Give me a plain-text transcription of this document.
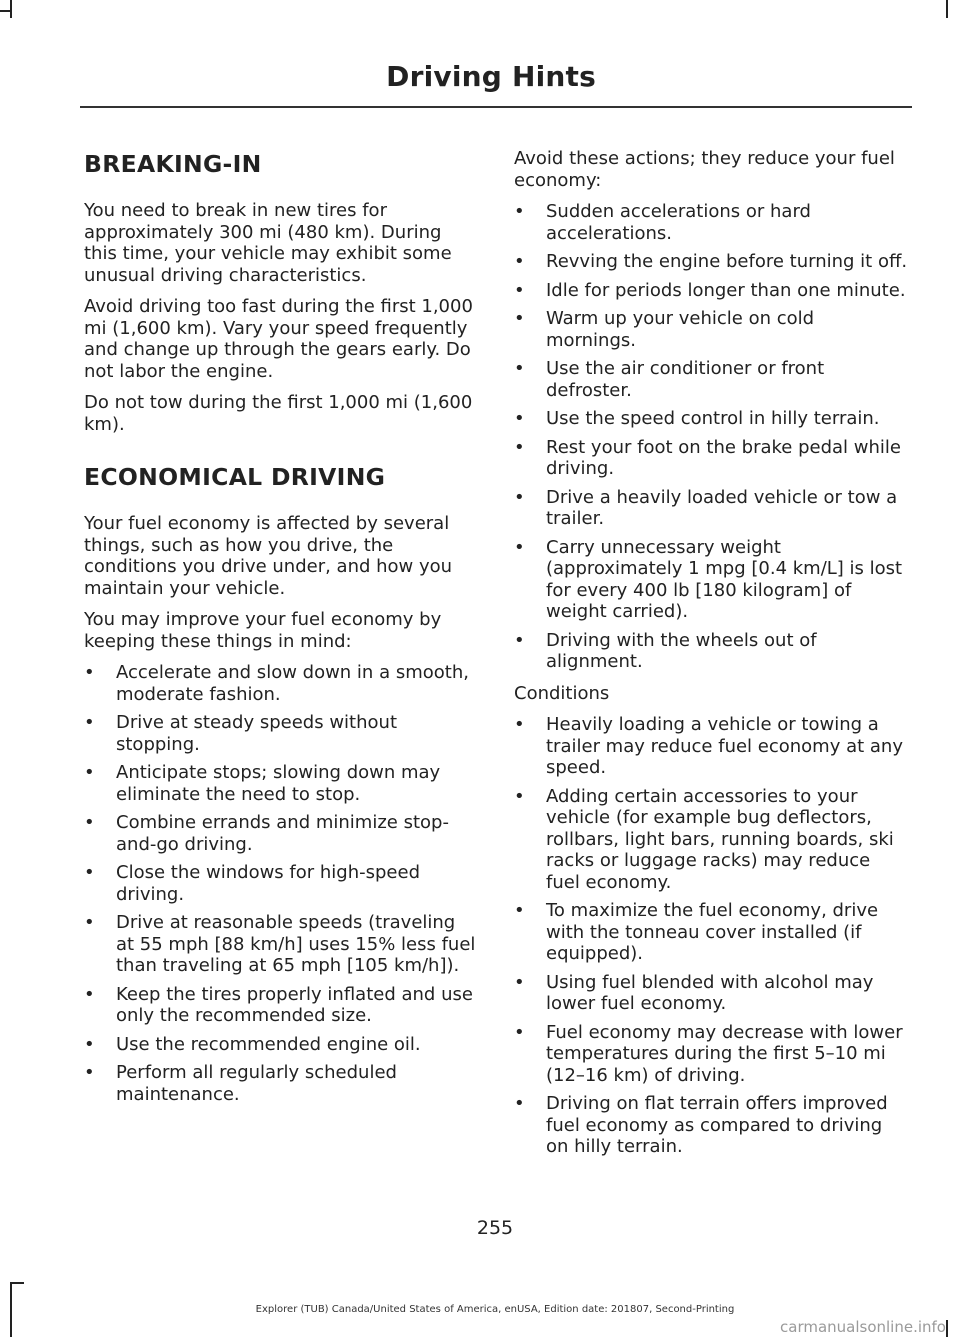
Driving Hints
BREAKING-IN

You need to break in new tires for approximately 300 mi (480 km). During this time, your vehicle may exhibit some unusual driving characteristics.

Avoid driving too fast during the first 1,000 mi (1,600 km). Vary your speed frequently and change up through the gears early. Do not labor the engine.

Do not tow during the first 1,000 mi (1,600 km).

ECONOMICAL DRIVING

Your fuel economy is affected by several things, such as how you drive, the conditions you drive under, and how you maintain your vehicle.

You may improve your fuel economy by keeping these things in mind:

• Accelerate and slow down in a smooth, moderate fashion.
• Drive at steady speeds without stopping.
• Anticipate stops; slowing down may eliminate the need to stop.
• Combine errands and minimize stop-and-go driving.
• Close the windows for high-speed driving.
• Drive at reasonable speeds (traveling at 55 mph [88 km/h] uses 15% less fuel than traveling at 65 mph [105 km/h]).
• Keep the tires properly inflated and use only the recommended size.
• Use the recommended engine oil.
• Perform all regularly scheduled maintenance.

Avoid these actions; they reduce your fuel economy:

• Sudden accelerations or hard accelerations.
• Revving the engine before turning it off.
• Idle for periods longer than one minute.
• Warm up your vehicle on cold mornings.
• Use the air conditioner or front defroster.
• Use the speed control in hilly terrain.
• Rest your foot on the brake pedal while driving.
• Drive a heavily loaded vehicle or tow a trailer.
• Carry unnecessary weight (approximately 1 mpg [0.4 km/L] is lost for every 400 lb [180 kilogram] of weight carried).
• Driving with the wheels out of alignment.

Conditions

• Heavily loading a vehicle or towing a trailer may reduce fuel economy at any speed.
• Adding certain accessories to your vehicle (for example bug deflectors, rollbars, light bars, running boards, ski racks or luggage racks) may reduce fuel economy.
• To maximize the fuel economy, drive with the tonneau cover installed (if equipped).
• Using fuel blended with alcohol may lower fuel economy.
• Fuel economy may decrease with lower temperatures during the first 5–10 mi (12–16 km) of driving.
• Driving on flat terrain offers improved fuel economy as compared to driving on hilly terrain.
255
Explorer (TUB) Canada/United States of America, enUSA, Edition date: 201807, Second-Printing
carmanualsonline.info
